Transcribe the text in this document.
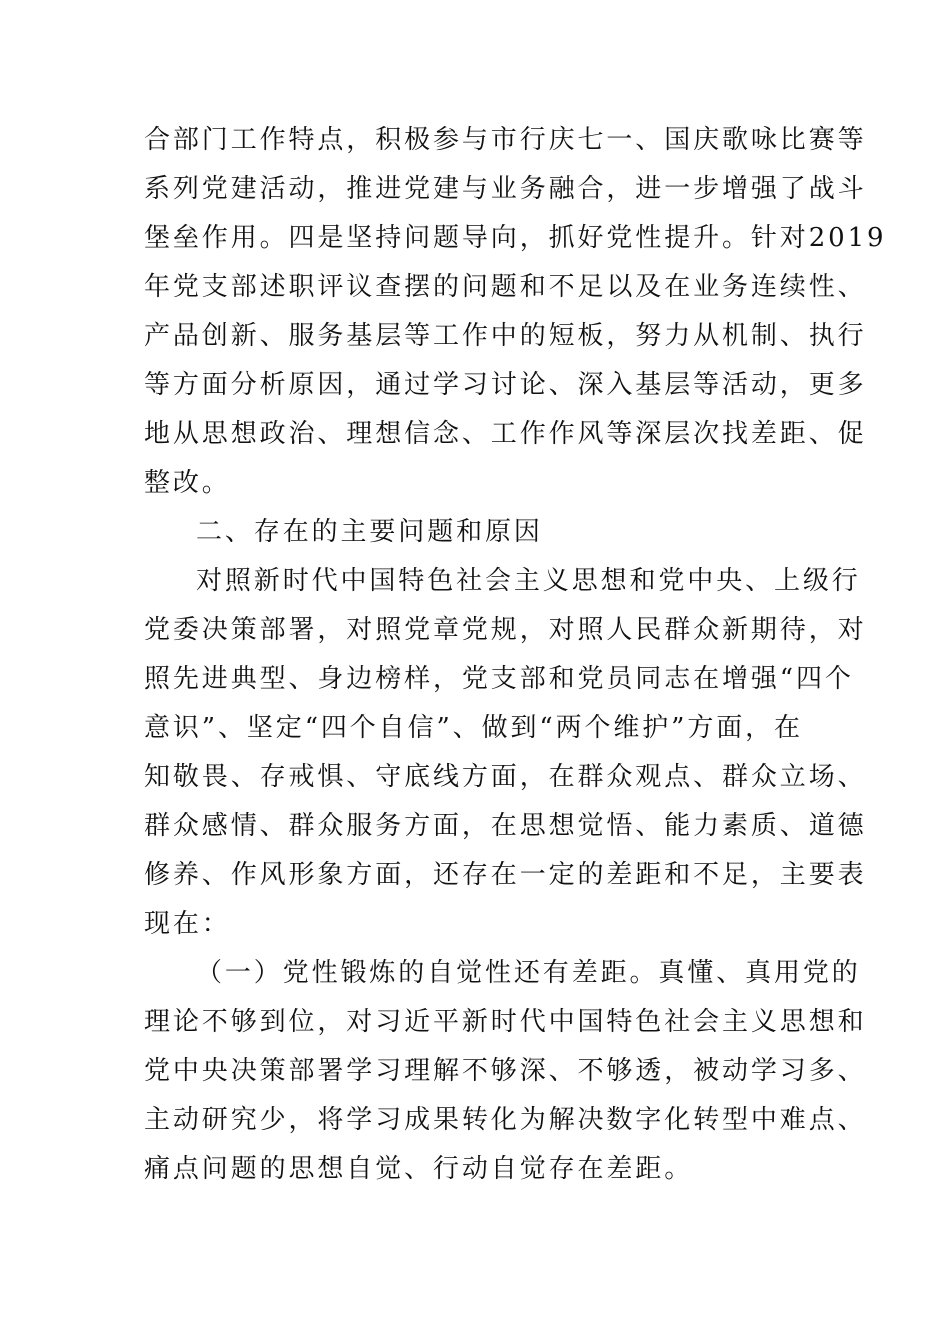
合部门工作特点，积极参与市行庆七一、国庆歌咏比赛等
系列党建活动，推进党建与业务融合，进一步增强了战斗
堡垒作用。四是坚持问题导向，抓好党性提升。针对2019
年党支部述职评议查摆的问题和不足以及在业务连续性、
产品创新、服务基层等工作中的短板，努力从机制、执行
等方面分析原因，通过学习讨论、深入基层等活动，更多
地从思想政治、理想信念、工作作风等深层次找差距、促
整改。
二、存在的主要问题和原因
对照新时代中国特色社会主义思想和党中央、上级行
党委决策部署，对照党章党规，对照人民群众新期待，对
照先进典型、身边榜样，党支部和党员同志在增强“四个
意识”、坚定“四个自信”、做到“两个维护”方面，在
知敬畏、存戒惧、守底线方面，在群众观点、群众立场、
群众感情、群众服务方面，在思想觉悟、能力素质、道德
修养、作风形象方面，还存在一定的差距和不足，主要表
现在：
（一）党性锻炼的自觉性还有差距。真懂、真用党的
理论不够到位，对习近平新时代中国特色社会主义思想和
党中央决策部署学习理解不够深、不够透，被动学习多、
主动研究少，将学习成果转化为解决数字化转型中难点、
痛点问题的思想自觉、行动自觉存在差距。
